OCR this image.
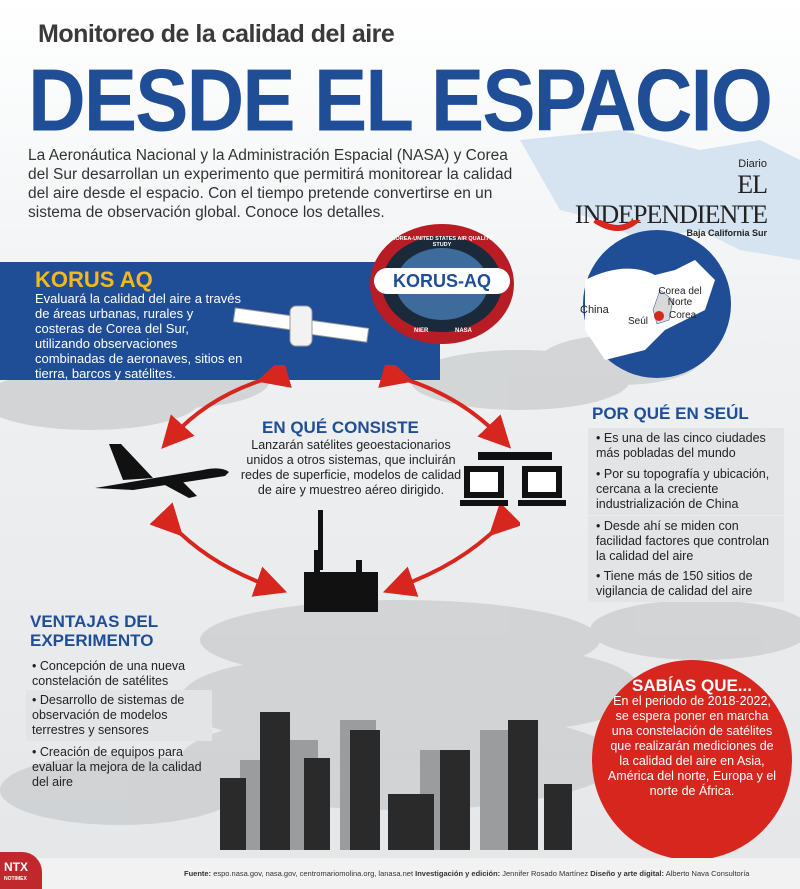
Monitoreo de la calidad del aire
DESDE EL ESPACIO
La Aeronáutica Nacional y la Administración Espacial (NASA) y Corea del Sur desarrollan un experimento que permitirá monitorear la calidad del aire desde el espacio. Con el tiempo pretende convertirse en un sistema de observación global. Conoce los detalles.
Diario
EL INDEPENDIENTE
Baja California Sur
China
Corea del Norte
Seúl
Corea
KORUS AQ
Evaluará la calidad del aire a través de áreas urbanas, rurales y costeras de Corea del Sur, utilizando observaciones combinadas de aeronaves, sitios en tierra, barcos y satélites.
KORUS-AQ
KOREA-UNITED STATES AIR QUALITY STUDY
NIER	NASA
EN QUÉ CONSISTE
Lanzarán satélites geoestacionarios unidos a otros sistemas, que incluirán redes de superficie, modelos de calidad de aire y muestreo aéreo dirigido.
POR QUÉ EN SEÚL
• Es una de las cinco ciudades más pobladas del mundo
• Por su topografía y ubicación, cercana a la creciente industrialización de China
• Desde ahí se miden con facilidad factores que controlan la calidad del aire
• Tiene más de 150 sitios de vigilancia de calidad del aire
VENTAJAS DEL EXPERIMENTO
• Concepción de una nueva constelación de satélites
• Desarrollo de sistemas de observación de modelos terrestres y sensores
• Creación de equipos para evaluar la mejora de la calidad del aire
SABÍAS QUE...
En el periodo de 2018-2022, se espera poner en marcha una constelación de satélites que realizarán mediciones de la calidad del aire en Asia, América del norte, Europa y el norte de África.
NTX
NOTIMEX
Fuente: espo.nasa.gov, nasa.gov, centromariomolina.org, lanasa.net Investigación y edición: Jennifer Rosado Martínez Diseño y arte digital: Alberto Nava Consultoría
